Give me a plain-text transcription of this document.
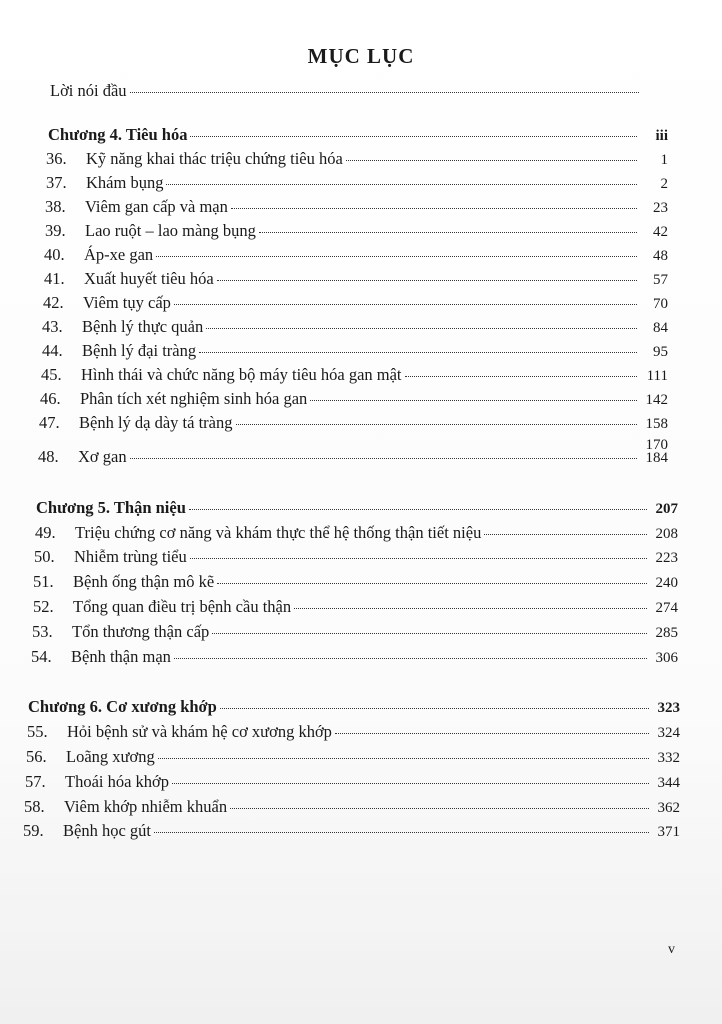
MỤC LỤC
Lời nói đầu
Chương 4. Tiêu hóa	iii
36.	Kỹ năng khai thác triệu chứng tiêu hóa	1
37.	Khám bụng	2
38.	Viêm gan cấp và mạn	23
39.	Lao ruột – lao màng bụng	42
40.	Áp-xe gan	48
41.	Xuất huyết tiêu hóa	57
42.	Viêm tụy cấp	70
43.	Bệnh lý thực quản	84
44.	Bệnh lý đại tràng	95
45.	Hình thái và chức năng bộ máy tiêu hóa gan mật	111
46.	Phân tích xét nghiệm sinh hóa gan	142
47.	Bệnh lý dạ dày tá tràng	158
170
48.	Xơ gan	184
Chương 5. Thận niệu	207
49.	Triệu chứng cơ năng và khám thực thể hệ thống thận tiết niệu	208
50.	Nhiễm trùng tiểu	223
51.	Bệnh ống thận mô kẽ	240
52.	Tổng quan điều trị bệnh cầu thận	274
53.	Tổn thương thận cấp	285
54.	Bệnh thận mạn	306
Chương 6. Cơ xương khớp	323
55.	Hỏi bệnh sử và khám hệ cơ xương khớp	324
56.	Loãng xương	332
57.	Thoái hóa khớp	344
58.	Viêm khớp nhiễm khuẩn	362
59.	Bệnh học gút	371
v
